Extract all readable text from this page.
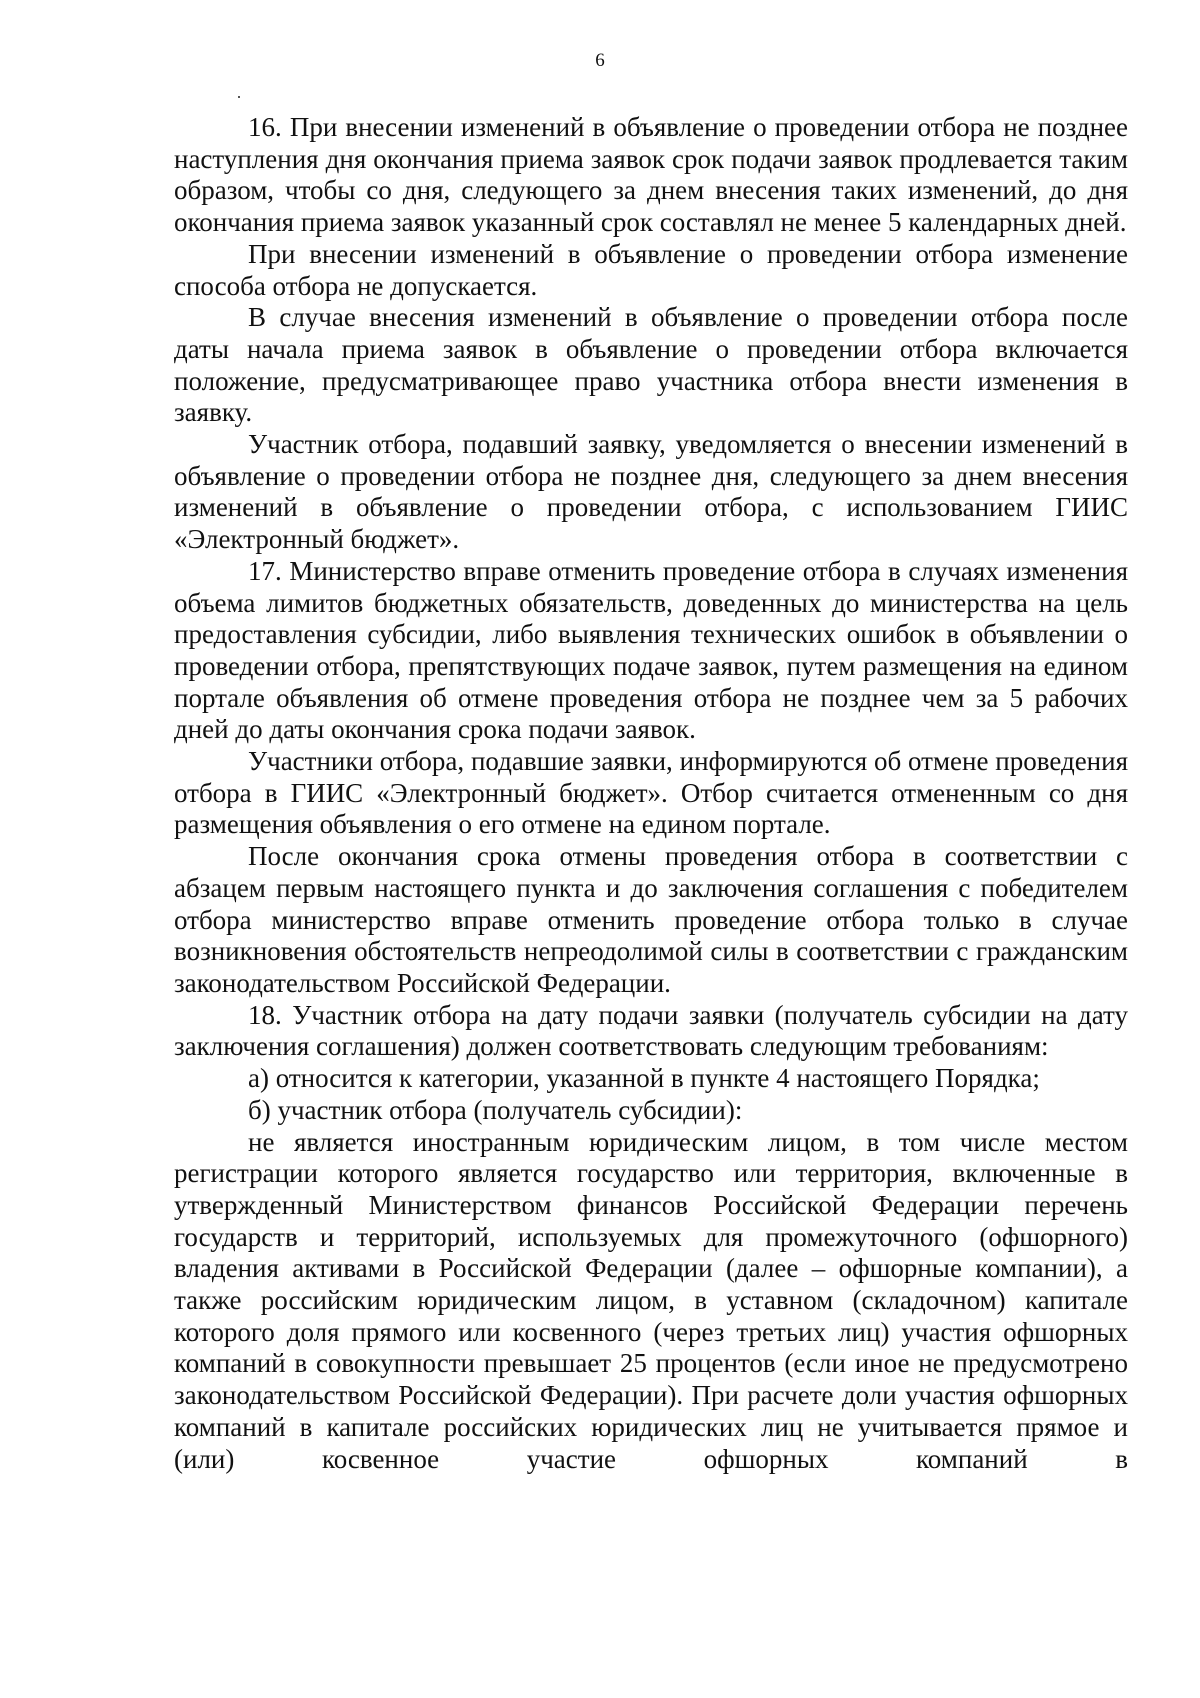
6

16. При внесении изменений в объявление о проведении отбора не позднее наступления дня окончания приема заявок срок подачи заявок продлевается таким образом, чтобы со дня, следующего за днем внесения таких изменений, до дня окончания приема заявок указанный срок составлял не менее 5 календарных дней.

При внесении изменений в объявление о проведении отбора изменение способа отбора не допускается.

В случае внесения изменений в объявление о проведении отбора после даты начала приема заявок в объявление о проведении отбора включается положение, предусматривающее право участника отбора внести изменения в заявку.

Участник отбора, подавший заявку, уведомляется о внесении изменений в объявление о проведении отбора не позднее дня, следующего за днем внесения изменений в объявление о проведении отбора, с использованием ГИИС «Электронный бюджет».

17. Министерство вправе отменить проведение отбора в случаях изменения объема лимитов бюджетных обязательств, доведенных до министерства на цель предоставления субсидии, либо выявления технических ошибок в объявлении о проведении отбора, препятствующих подаче заявок, путем размещения на едином портале объявления об отмене проведения отбора не позднее чем за 5 рабочих дней до даты окончания срока подачи заявок.

Участники отбора, подавшие заявки, информируются об отмене проведения отбора в ГИИС «Электронный бюджет». Отбор считается отмененным со дня размещения объявления о его отмене на едином портале.

После окончания срока отмены проведения отбора в соответствии с абзацем первым настоящего пункта и до заключения соглашения с победителем отбора министерство вправе отменить проведение отбора только в случае возникновения обстоятельств непреодолимой силы в соответствии с гражданским законодательством Российской Федерации.

18. Участник отбора на дату подачи заявки (получатель субсидии на дату заключения соглашения) должен соответствовать следующим требованиям:

а) относится к категории, указанной в пункте 4 настоящего Порядка;

б) участник отбора (получатель субсидии):

не является иностранным юридическим лицом, в том числе местом регистрации которого является государство или территория, включенные в утвержденный Министерством финансов Российской Федерации перечень государств и территорий, используемых для промежуточного (офшорного) владения активами в Российской Федерации (далее – офшорные компании), а также российским юридическим лицом, в уставном (складочном) капитале которого доля прямого или косвенного (через третьих лиц) участия офшорных компаний в совокупности превышает 25 процентов (если иное не предусмотрено законодательством Российской Федерации). При расчете доли участия офшорных компаний в капитале российских юридических лиц не учитывается прямое и (или) косвенное участие офшорных компаний в
